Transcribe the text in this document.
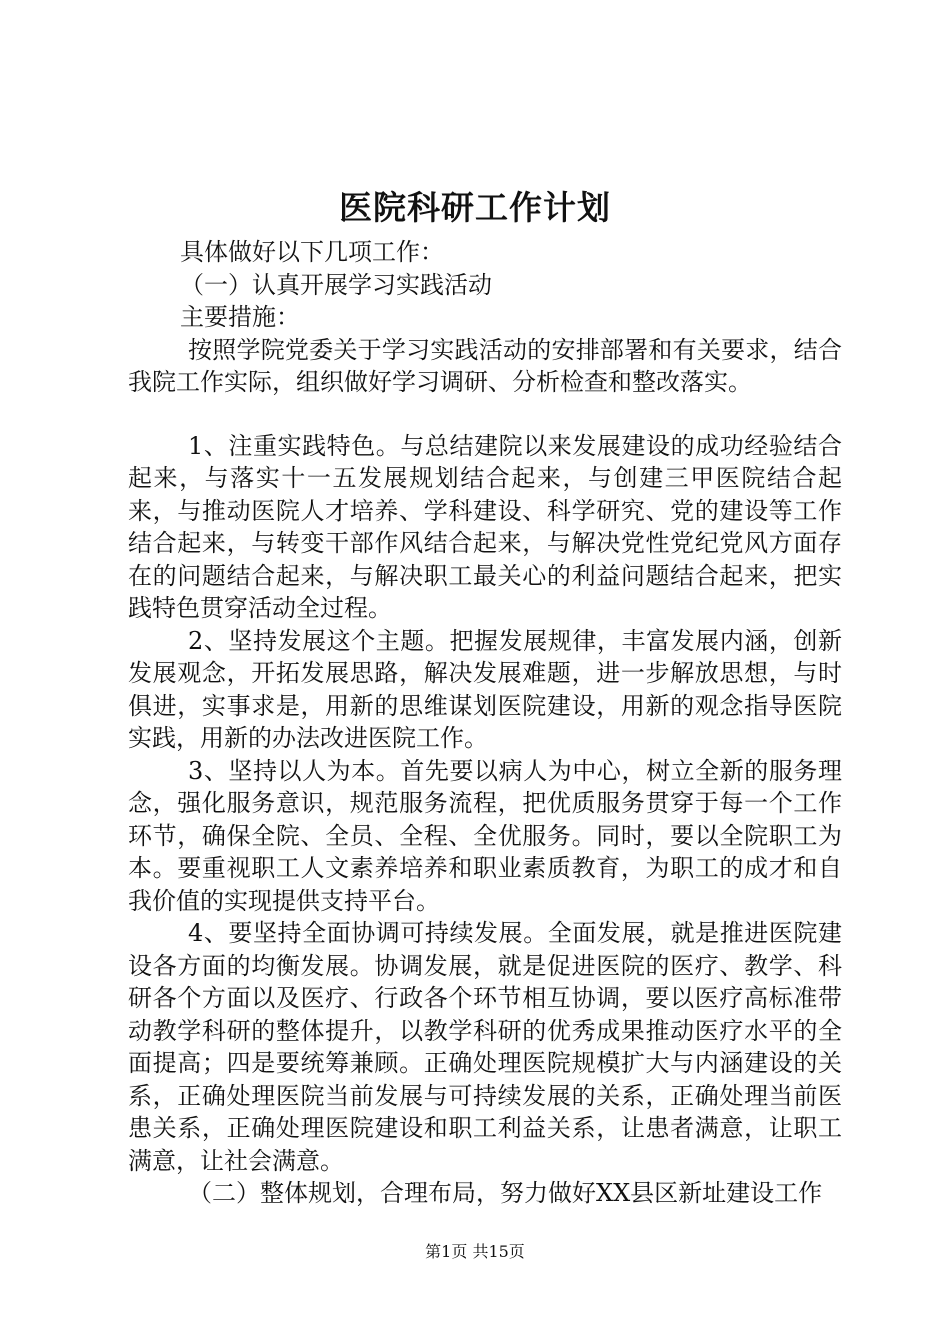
医院科研工作计划

具体做好以下几项工作：

（一）认真开展学习实践活动

主要措施：

按照学院党委关于学习实践活动的安排部署和有关要求，结合我院工作实际，组织做好学习调研、分析检查和整改落实。

1、注重实践特色。与总结建院以来发展建设的成功经验结合起来，与落实十一五发展规划结合起来，与创建三甲医院结合起来，与推动医院人才培养、学科建设、科学研究、党的建设等工作结合起来，与转变干部作风结合起来，与解决党性党纪党风方面存在的问题结合起来，与解决职工最关心的利益问题结合起来，把实践特色贯穿活动全过程。

2、坚持发展这个主题。把握发展规律，丰富发展内涵，创新发展观念，开拓发展思路，解决发展难题，进一步解放思想，与时俱进，实事求是，用新的思维谋划医院建设，用新的观念指导医院实践，用新的办法改进医院工作。

3、坚持以人为本。首先要以病人为中心，树立全新的服务理念，强化服务意识，规范服务流程，把优质服务贯穿于每一个工作环节，确保全院、全员、全程、全优服务。同时，要以全院职工为本。要重视职工人文素养培养和职业素质教育，为职工的成才和自我价值的实现提供支持平台。

4、要坚持全面协调可持续发展。全面发展，就是推进医院建设各方面的均衡发展。协调发展，就是促进医院的医疗、教学、科研各个方面以及医疗、行政各个环节相互协调，要以医疗高标准带动教学科研的整体提升，以教学科研的优秀成果推动医疗水平的全面提高；四是要统筹兼顾。正确处理医院规模扩大与内涵建设的关系，正确处理医院当前发展与可持续发展的关系，正确处理当前医患关系，正确处理医院建设和职工利益关系，让患者满意，让职工满意，让社会满意。

（二）整体规划，合理布局，努力做好XX县区新址建设工作

第1页 共15页
